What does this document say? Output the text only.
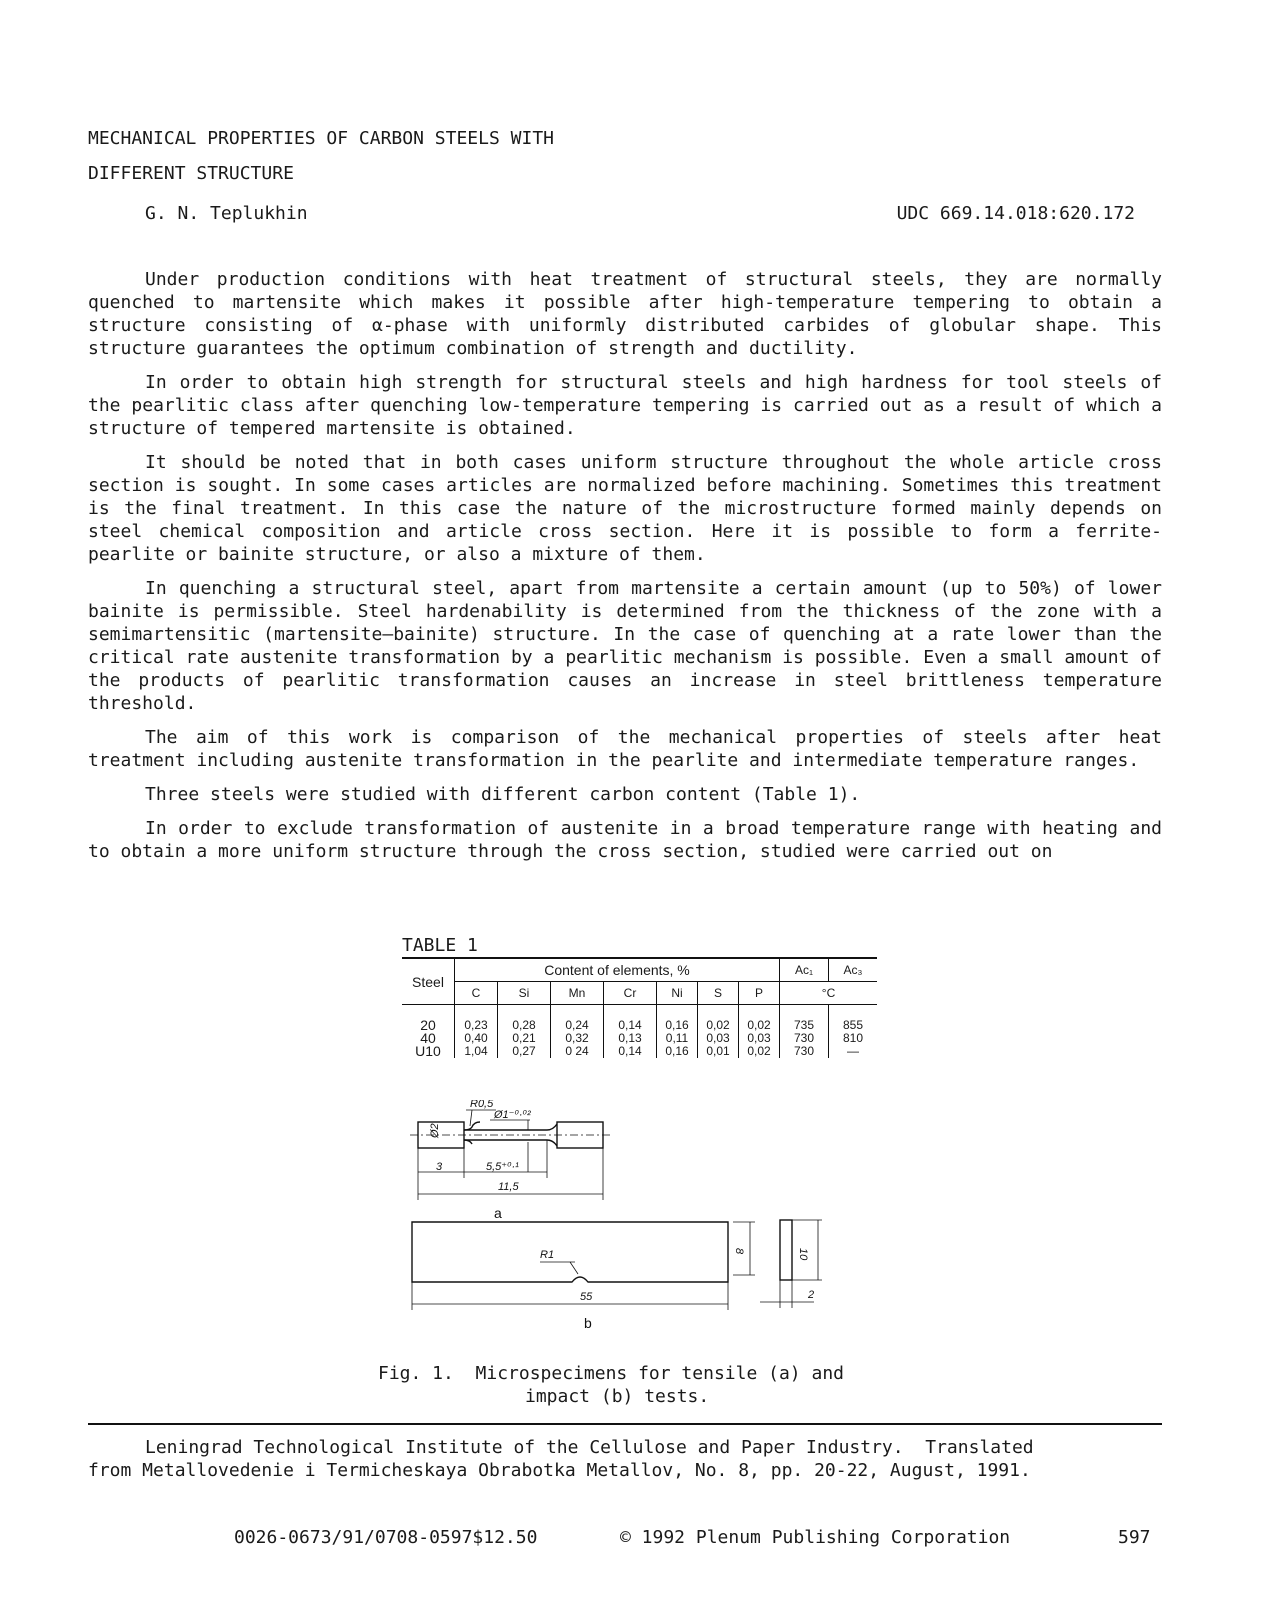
MECHANICAL PROPERTIES OF CARBON STEELS WITH
DIFFERENT STRUCTURE
G. N. Teplukhin	UDC 669.14.018:620.172

Under production conditions with heat treatment of structural steels, they are normally quenched to martensite which makes it possible after high-temperature tempering to obtain a structure consisting of α-phase with uniformly distributed carbides of globular shape. This structure guarantees the optimum combination of strength and ductility.

In order to obtain high strength for structural steels and high hardness for tool steels of the pearlitic class after quenching low-temperature tempering is carried out as a result of which a structure of tempered martensite is obtained.

It should be noted that in both cases uniform structure throughout the whole article cross section is sought. In some cases articles are normalized before machining. Sometimes this treatment is the final treatment. In this case the nature of the microstructure formed mainly depends on steel chemical composition and article cross section. Here it is possible to form a ferrite-pearlite or bainite structure, or also a mixture of them.

In quenching a structural steel, apart from martensite a certain amount (up to 50%) of lower bainite is permissible. Steel hardenability is determined from the thickness of the zone with a semimartensitic (martensite—bainite) structure. In the case of quenching at a rate lower than the critical rate austenite transformation by a pearlitic mechanism is possible. Even a small amount of the products of pearlitic transformation causes an increase in steel brittleness temperature threshold.

The aim of this work is comparison of the mechanical properties of steels after heat treatment including austenite transformation in the pearlite and intermediate temperature ranges.

Three steels were studied with different carbon content (Table 1).

In order to exclude transformation of austenite in a broad temperature range with heating and to obtain a more uniform structure through the cross section, studied were carried out on

TABLE 1
Steel	Content of elements, %							Ac₁	Ac₃
	C	Si	Mn	Cr	Ni	S	P	°C	
20	0,23	0,28	0,24	0,14	0,16	0,02	0,02	735	855
40	0,40	0,21	0,32	0,13	0,11	0,03	0,03	730	810
U10	1,04	0,27	0 24	0,14	0,16	0,01	0,02	730	—
R0,5
Ø1⁻⁰·⁰²
Ø2
3	5,5⁺⁰·¹
11,5
a
R1	8
55
10
2
b
Fig. 1.  Microspecimens for tensile (a) and
impact (b) tests.

Leningrad Technological Institute of the Cellulose and Paper Industry.  Translated

from Metallovedenie i Termicheskaya Obrabotka Metallov, No. 8, pp. 20-22, August, 1991.
0026-0673/91/0708-0597$12.50	© 1992 Plenum Publishing Corporation	597
